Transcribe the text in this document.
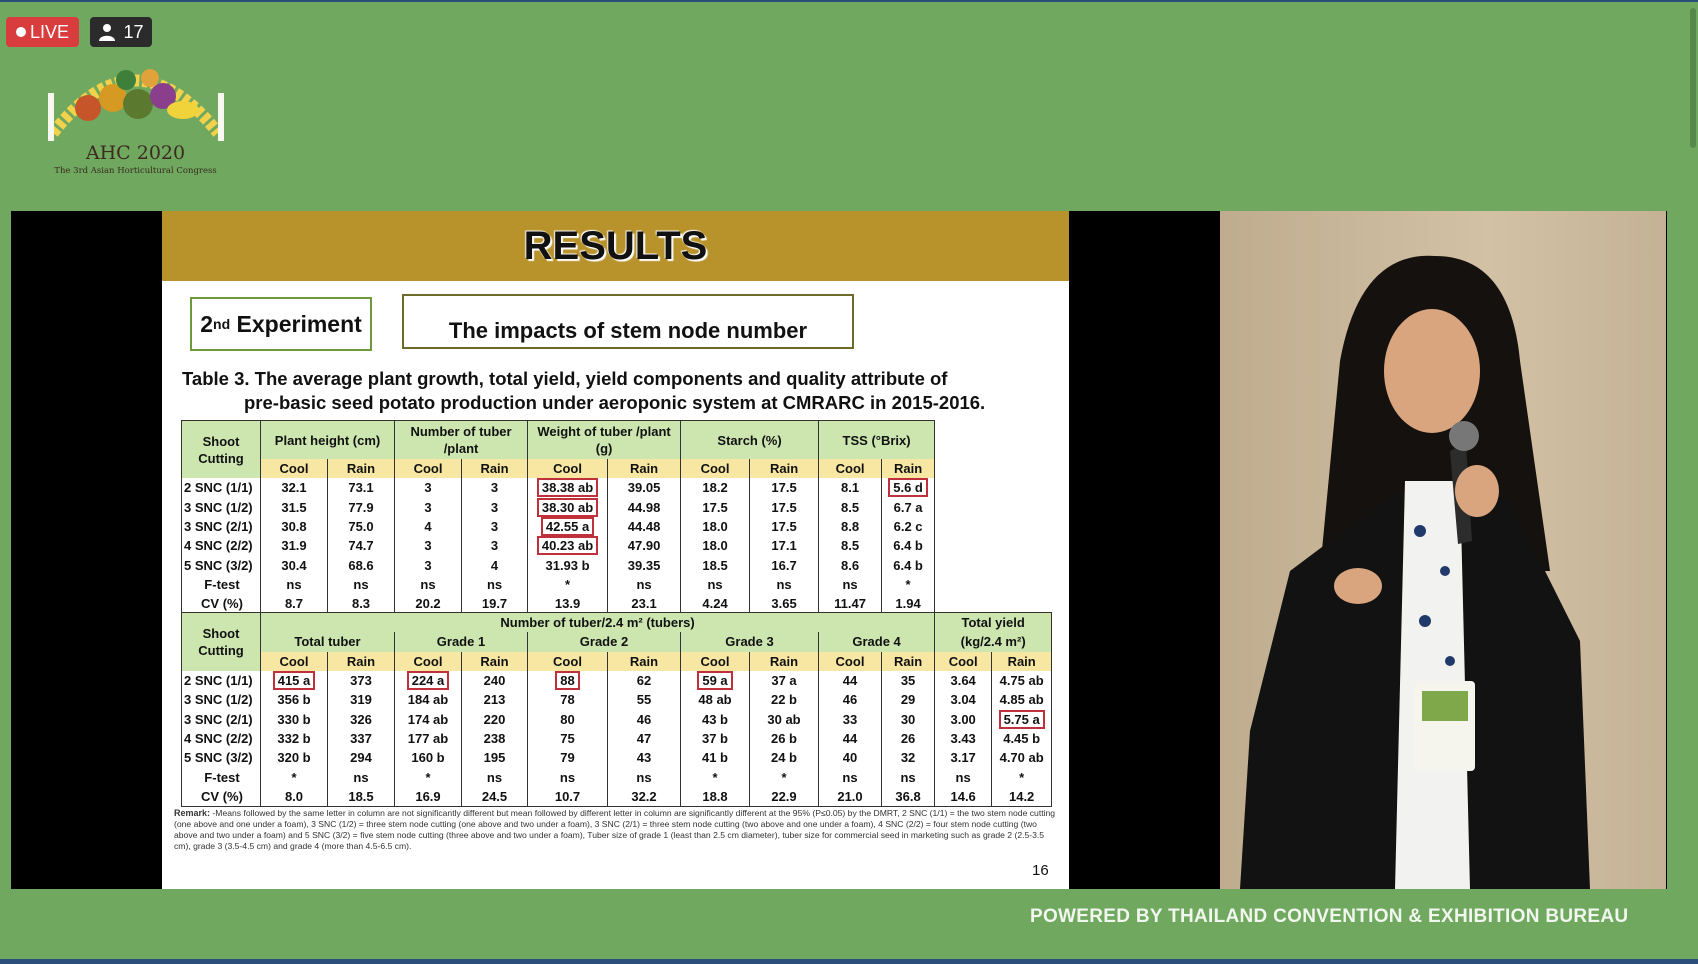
LIVE	17
AHC 2020
The 3rd Asian Horticultural Congress
RESULTS
2 nd
Experiment	The impacts of stem node number
Table 3. The average plant growth, total yield, yield components and quality attribute of
pre-basic seed potato production under aeroponic system at CMRARC in 2015-2016.
Shoot Cutting	Plant height (cm)		Number of tuber /plant		Weight of tuber /plant (g)		Starch (%)		TSS (°Brix)	
	Cool	Rain	Cool	Rain	Cool	Rain	Cool	Rain	Cool	Rain
2 SNC (1/1)	32.1	73.1	3	3	38.38 ab	39.05	18.2	17.5	8.1	5.6 d
3 SNC (1/2)	31.5	77.9	3	3	38.30 ab	44.98	17.5	17.5	8.5	6.7 a
3 SNC (2/1)	30.8	75.0	4	3	42.55 a	44.48	18.0	17.5	8.8	6.2 c
4 SNC (2/2)	31.9	74.7	3	3	40.23 ab	47.90	18.0	17.1	8.5	6.4 b
5 SNC (3/2)	30.4	68.6	3	4	31.93 b	39.35	18.5	16.7	8.6	6.4 b
F-test	ns	ns	ns	ns	*	ns	ns	ns	ns	*
CV (%)	8.7	8.3	20.2	19.7	13.9	23.1	4.24	3.65	11.47	1.94
Shoot Cutting	Number of tuber/2.4 m² (tubers)										Total yield	
	Total tuber		Grade 1		Grade 2		Grade 3		Grade 4		(kg/2.4 m²)	
	Cool	Rain	Cool	Rain	Cool	Rain	Cool	Rain	Cool	Rain	Cool	Rain
2 SNC (1/1)	415 a	373	224 a	240	88	62	59 a	37 a	44	35	3.64	4.75 ab
3 SNC (1/2)	356 b	319	184 ab	213	78	55	48 ab	22 b	46	29	3.04	4.85 ab
3 SNC (2/1)	330 b	326	174 ab	220	80	46	43 b	30 ab	33	30	3.00	5.75 a
4 SNC (2/2)	332 b	337	177 ab	238	75	47	37 b	26 b	44	26	3.43	4.45 b
5 SNC (3/2)	320 b	294	160 b	195	79	43	41 b	24 b	40	32	3.17	4.70 ab
F-test	*	ns	*	ns	ns	ns	*	*	ns	ns	ns	*
CV (%)	8.0	18.5	16.9	24.5	10.7	32.2	18.8	22.9	21.0	36.8	14.6	14.2
Remark: -Means followed by the same letter in column are not significantly different but mean followed by different letter in column are significantly different at the 95% (P≤0.05) by the DMRT, 2 SNC (1/1) = the two stem node cutting (one above and one under a foam), 3 SNC (1/2) = three stem node cutting (one above and two under a foam), 3 SNC (2/1) = three stem node cutting (two above and one under a foam), 4 SNC (2/2) = four stem node cutting (two above and two under a foam) and 5 SNC (3/2) = five stem node cutting (three above and two under a foam), Tuber size of grade 1 (least than 2.5 cm diameter), tuber size for commercial seed in marketing such as grade 2 (2.5-3.5 cm), grade 3 (3.5-4.5 cm) and grade 4 (more than 4.5-6.5 cm).
16
POWERED BY THAILAND CONVENTION & EXHIBITION BUREAU
